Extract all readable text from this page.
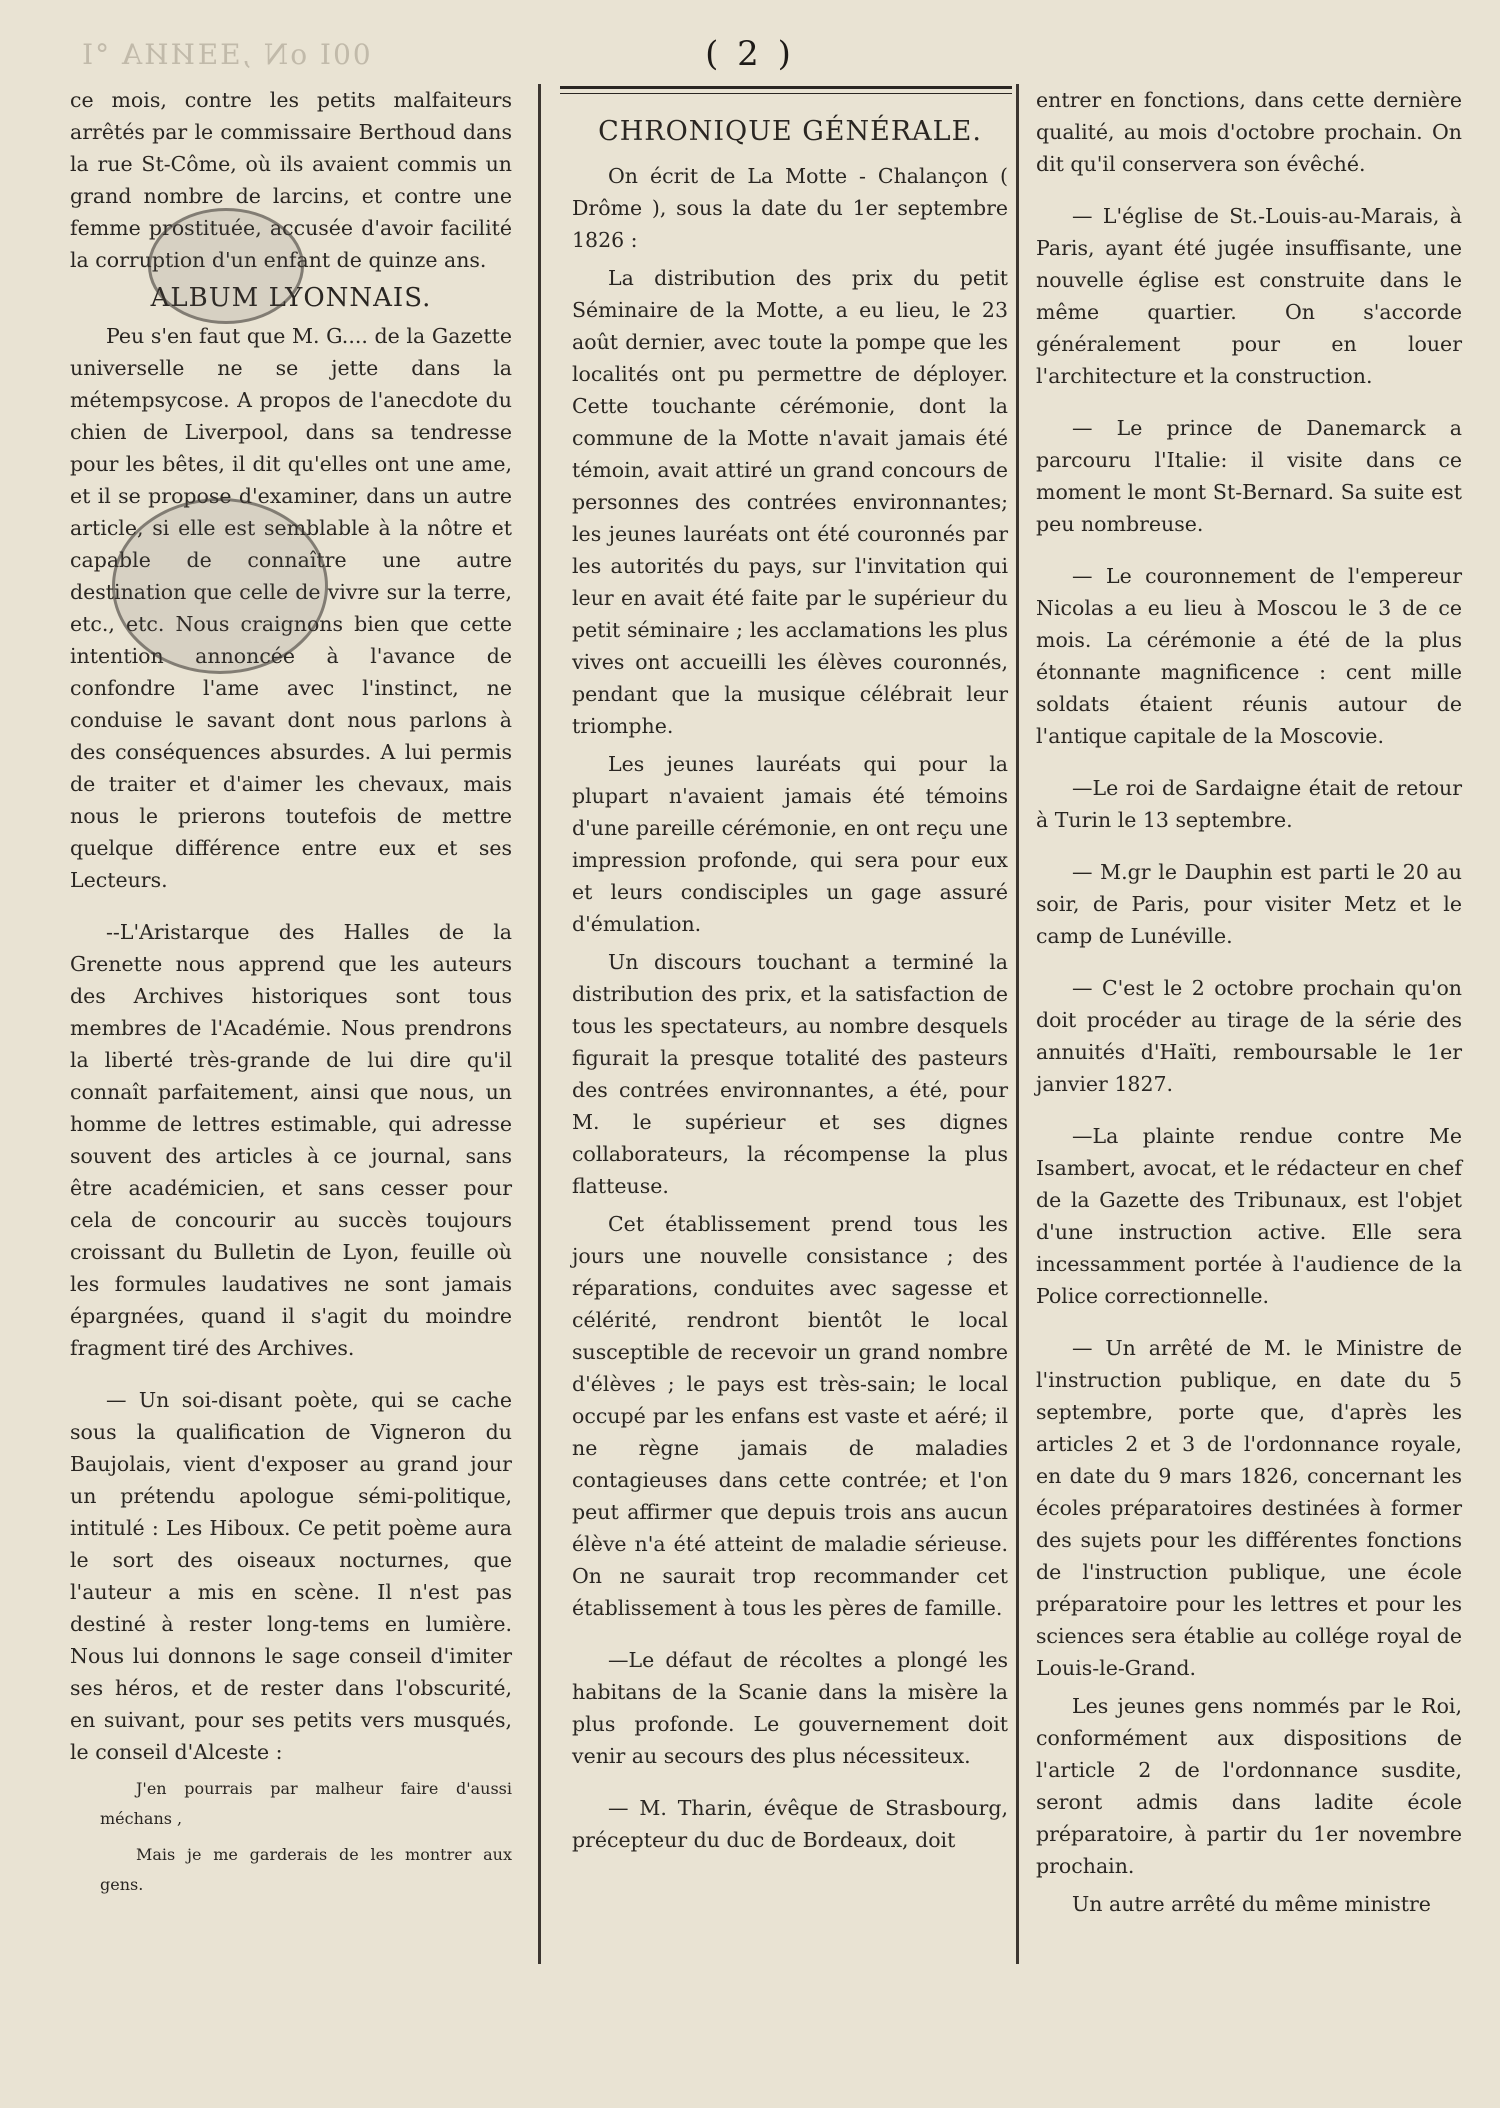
00I oN ,ƎƎИИA °I	( 2 )

ce mois, contre les petits malfaiteurs arrêtés par le commissaire Berthoud dans la rue St-Côme, où ils avaient commis un grand nombre de larcins, et contre une femme prostituée, accusée d'avoir facilité la corruption d'un enfant de quinze ans.

ALBUM LYONNAIS.

Peu s'en faut que M. G.... de la Gazette universelle ne se jette dans la métempsycose. A propos de l'anecdote du chien de Liverpool, dans sa tendresse pour les bêtes, il dit qu'elles ont une ame, et il se propose d'examiner, dans un autre article, si elle est semblable à la nôtre et capable de connaître une autre destination que celle de vivre sur la terre, etc., etc. Nous craignons bien que cette intention annoncée à l'avance de confondre l'ame avec l'instinct, ne conduise le savant dont nous parlons à des conséquences absurdes. A lui permis de traiter et d'aimer les chevaux, mais nous le prierons toutefois de mettre quelque différence entre eux et ses Lecteurs.

--L'Aristarque des Halles de la Grenette nous apprend que les auteurs des Archives historiques sont tous membres de l'Académie. Nous prendrons la liberté très-grande de lui dire qu'il connaît parfaitement, ainsi que nous, un homme de lettres estimable, qui adresse souvent des articles à ce journal, sans être académicien, et sans cesser pour cela de concourir au succès toujours croissant du Bulletin de Lyon, feuille où les formules laudatives ne sont jamais épargnées, quand il s'agit du moindre fragment tiré des Archives.

— Un soi-disant poète, qui se cache sous la qualification de Vigneron du Baujolais, vient d'exposer au grand jour un prétendu apologue sémi-politique, intitulé : Les Hiboux. Ce petit poème aura le sort des oiseaux nocturnes, que l'auteur a mis en scène. Il n'est pas destiné à rester long-tems en lumière. Nous lui donnons le sage conseil d'imiter ses héros, et de rester dans l'obscurité, en suivant, pour ses petits vers musqués, le conseil d'Alceste :

J'en pourrais par malheur faire d'aussi méchans ,

Mais je me garderais de les montrer aux gens.

CHRONIQUE GÉNÉRALE.

On écrit de La Motte - Chalançon ( Drôme ), sous la date du 1er septembre 1826 :

La distribution des prix du petit Séminaire de la Motte, a eu lieu, le 23 août dernier, avec toute la pompe que les localités ont pu permettre de déployer. Cette touchante cérémonie, dont la commune de la Motte n'avait jamais été témoin, avait attiré un grand concours de personnes des contrées environnantes; les jeunes lauréats ont été couronnés par les autorités du pays, sur l'invitation qui leur en avait été faite par le supérieur du petit séminaire ; les acclamations les plus vives ont accueilli les élèves couronnés, pendant que la musique célébrait leur triomphe.

Les jeunes lauréats qui pour la plupart n'avaient jamais été témoins d'une pareille cérémonie, en ont reçu une impression profonde, qui sera pour eux et leurs condisciples un gage assuré d'émulation.

Un discours touchant a terminé la distribution des prix, et la satisfaction de tous les spectateurs, au nombre desquels figurait la presque totalité des pasteurs des contrées environnantes, a été, pour M. le supérieur et ses dignes collaborateurs, la récompense la plus flatteuse.

Cet établissement prend tous les jours une nouvelle consistance ; des réparations, conduites avec sagesse et célérité, rendront bientôt le local susceptible de recevoir un grand nombre d'élèves ; le pays est très-sain; le local occupé par les enfans est vaste et aéré; il ne règne jamais de maladies contagieuses dans cette contrée; et l'on peut affirmer que depuis trois ans aucun élève n'a été atteint de maladie sérieuse. On ne saurait trop recommander cet établissement à tous les pères de famille.

—Le défaut de récoltes a plongé les habitans de la Scanie dans la misère la plus profonde. Le gouvernement doit venir au secours des plus nécessiteux.

— M. Tharin, évêque de Strasbourg, précepteur du duc de Bordeaux, doit

entrer en fonctions, dans cette dernière qualité, au mois d'octobre prochain. On dit qu'il conservera son évêché.

— L'église de St.-Louis-au-Marais, à Paris, ayant été jugée insuffisante, une nouvelle église est construite dans le même quartier. On s'accorde généralement pour en louer l'architecture et la construction.

— Le prince de Danemarck a parcouru l'Italie: il visite dans ce moment le mont St-Bernard. Sa suite est peu nombreuse.

— Le couronnement de l'empereur Nicolas a eu lieu à Moscou le 3 de ce mois. La cérémonie a été de la plus étonnante magnificence : cent mille soldats étaient réunis autour de l'antique capitale de la Moscovie.

—Le roi de Sardaigne était de retour à Turin le 13 septembre.

— M.gr le Dauphin est parti le 20 au soir, de Paris, pour visiter Metz et le camp de Lunéville.

— C'est le 2 octobre prochain qu'on doit procéder au tirage de la série des annuités d'Haïti, remboursable le 1er janvier 1827.

—La plainte rendue contre Me Isambert, avocat, et le rédacteur en chef de la Gazette des Tribunaux, est l'objet d'une instruction active. Elle sera incessamment portée à l'audience de la Police correctionnelle.

— Un arrêté de M. le Ministre de l'instruction publique, en date du 5 septembre, porte que, d'après les articles 2 et 3 de l'ordonnance royale, en date du 9 mars 1826, concernant les écoles préparatoires destinées à former des sujets pour les différentes fonctions de l'instruction publique, une école préparatoire pour les lettres et pour les sciences sera établie au collége royal de Louis-le-Grand.

Les jeunes gens nommés par le Roi, conformément aux dispositions de l'article 2 de l'ordonnance susdite, seront admis dans ladite école préparatoire, à partir du 1er novembre prochain.

Un autre arrêté du même ministre
